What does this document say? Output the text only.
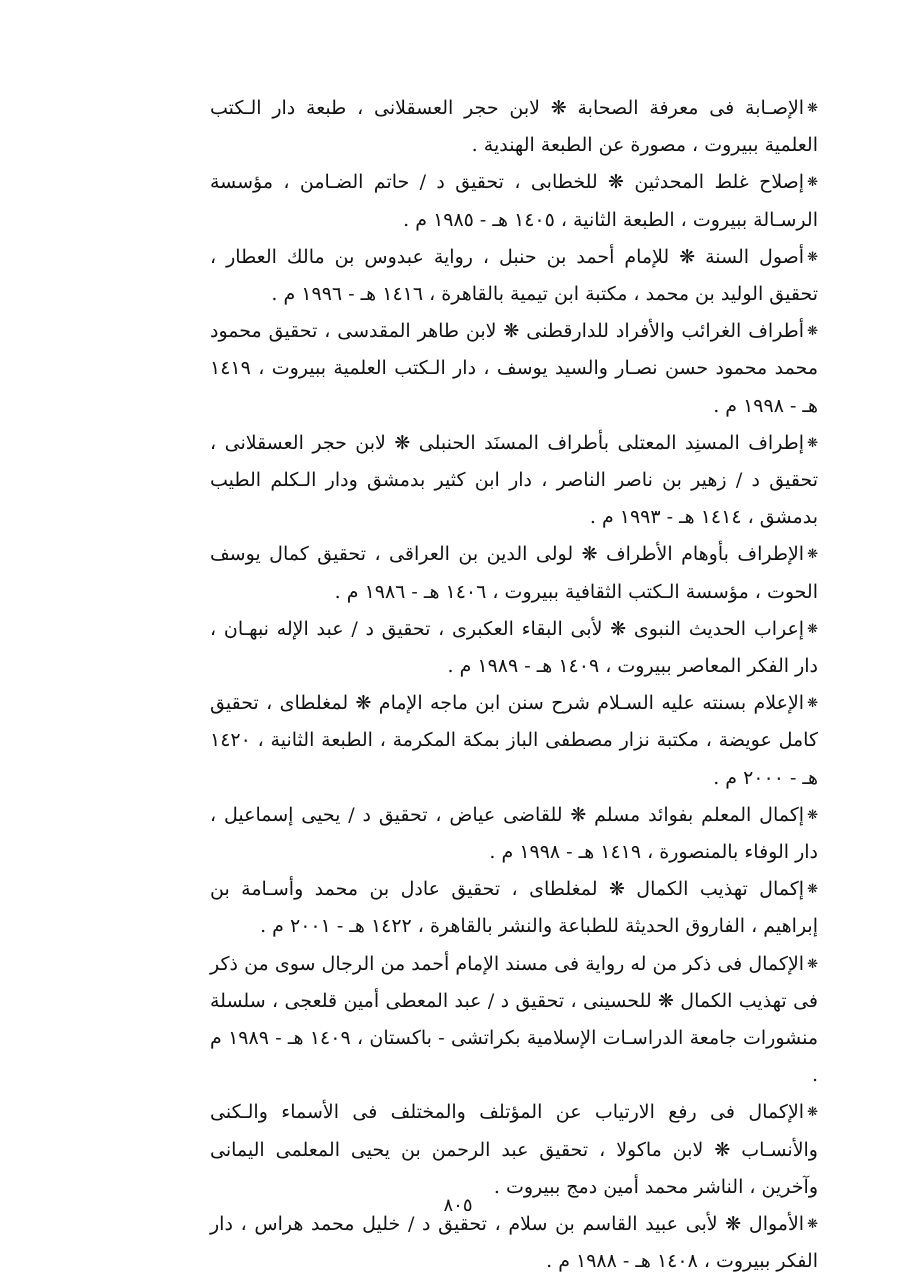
❋الإصـابة فى معرفة الصحابة ❋ لابن حجر العسقلانى ، طبعة دار الـكتب العلمية ببيروت ، مصورة عن الطبعة الهندية .

❋إصلاح غلط المحدثين ❋ للخطابى ، تحقيق د / حاتم الضـامن ، مؤسسة الرسـالة ببيروت ، الطبعة الثانية ، ١٤٠٥ هـ - ١٩٨٥ م .

❋أصول السنة ❋ للإمام أحمد بن حنبل ، رواية عبدوس بن مالك العطار ، تحقيق الوليد بن محمد ، مكتبة ابن تيمية بالقاهرة ، ١٤١٦ هـ - ١٩٩٦ م .

❋أطراف الغرائب والأفراد للدارقطنى ❋ لابن طاهر المقدسى ، تحقيق محمود محمد محمود حسن نصـار والسيد يوسف ، دار الـكتب العلمية ببيروت ، ١٤١٩ هـ - ١٩٩٨ م .

❋إطراف المسنِد المعتلى بأطراف المسنَد الحنبلى ❋ لابن حجر العسقلانى ، تحقيق د / زهير بن ناصر الناصر ، دار ابن كثير بدمشق ودار الـكلم الطيب بدمشق ، ١٤١٤ هـ - ١٩٩٣ م .

❋الإطراف بأوهام الأطراف ❋ لولى الدين بن العراقى ، تحقيق كمال يوسف الحوت ، مؤسسة الـكتب الثقافية ببيروت ، ١٤٠٦ هـ - ١٩٨٦ م .

❋إعراب الحديث النبوى ❋ لأبى البقاء العكبرى ، تحقيق د / عبد الإله نبهـان ، دار الفكر المعاصر ببيروت ، ١٤٠٩ هـ - ١٩٨٩ م .

❋الإعلام بسنته عليه السـلام شرح سنن ابن ماجه الإمام ❋ لمغلطاى ، تحقيق كامل عويضة ، مكتبة نزار مصطفى الباز بمكة المكرمة ، الطبعة الثانية ، ١٤٢٠ هـ - ٢٠٠٠ م .

❋إكمال المعلم بفوائد مسلم ❋ للقاضى عياض ، تحقيق د / يحيى إسماعيل ، دار الوفاء بالمنصورة ، ١٤١٩ هـ - ١٩٩٨ م .

❋إكمال تهذيب الكمال ❋ لمغلطاى ، تحقيق عادل بن محمد وأسـامة بن إبراهيم ، الفاروق الحديثة للطباعة والنشر بالقاهرة ، ١٤٢٢ هـ - ٢٠٠١ م .

❋الإكمال فى ذكر من له رواية فى مسند الإمام أحمد من الرجال سوى من ذكر فى تهذيب الكمال ❋ للحسينى ، تحقيق د / عبد المعطى أمين قلعجى ، سلسلة منشورات جامعة الدراسـات الإسلامية بكراتشى - باكستان ، ١٤٠٩ هـ - ١٩٨٩ م .

❋الإكمال فى رفع الارتياب عن المؤتلف والمختلف فى الأسماء والـكنى والأنسـاب ❋ لابن ماكولا ، تحقيق عبد الرحمن بن يحيى المعلمى اليمانى وآخرين ، الناشر محمد أمين دمج ببيروت .

❋الأموال ❋ لأبى عبيد القاسم بن سلام ، تحقيق د / خليل محمد هراس ، دار الفكر ببيروت ، ١٤٠٨ هـ - ١٩٨٨ م .

٨٠٥
